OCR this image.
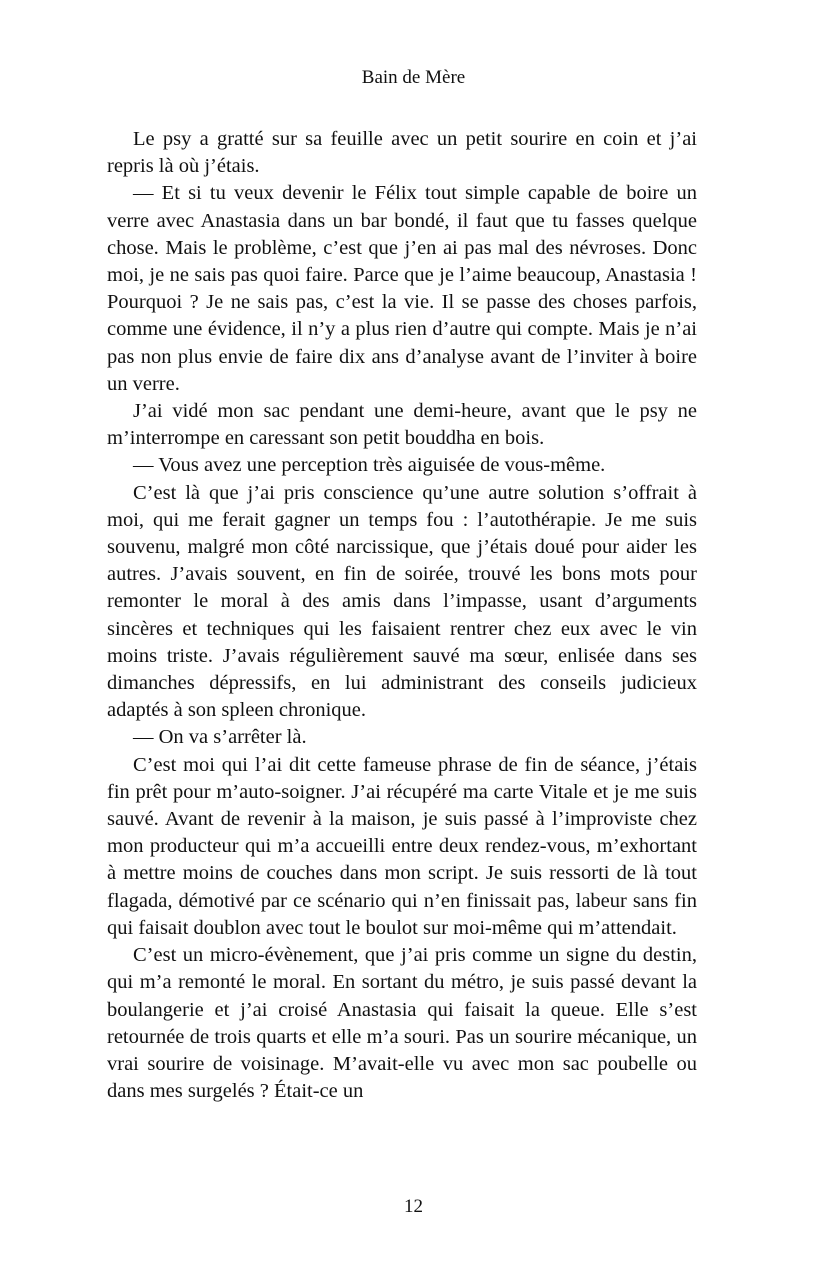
Bain de Mère

Le psy a gratté sur sa feuille avec un petit sourire en coin et j’ai repris là où j’étais.

— Et si tu veux devenir le Félix tout simple capable de boire un verre avec Anastasia dans un bar bondé, il faut que tu fasses quelque chose. Mais le problème, c’est que j’en ai pas mal des névroses. Donc moi, je ne sais pas quoi faire. Parce que je l’aime beaucoup, Anastasia ! Pourquoi ? Je ne sais pas, c’est la vie. Il se passe des choses parfois, comme une évidence, il n’y a plus rien d’autre qui compte. Mais je n’ai pas non plus envie de faire dix ans d’analyse avant de l’inviter à boire un verre.

J’ai vidé mon sac pendant une demi-heure, avant que le psy ne m’interrompe en caressant son petit bouddha en bois.

— Vous avez une perception très aiguisée de vous-même.

C’est là que j’ai pris conscience qu’une autre solution s’offrait à moi, qui me ferait gagner un temps fou : l’autothérapie. Je me suis souvenu, malgré mon côté narcissique, que j’étais doué pour aider les autres. J’avais souvent, en fin de soirée, trouvé les bons mots pour remonter le moral à des amis dans l’impasse, usant d’arguments sincères et techniques qui les faisaient rentrer chez eux avec le vin moins triste. J’avais régulièrement sauvé ma sœur, enlisée dans ses dimanches dépressifs, en lui administrant des conseils judicieux adaptés à son spleen chronique.

— On va s’arrêter là.

C’est moi qui l’ai dit cette fameuse phrase de fin de séance, j’étais fin prêt pour m’auto-soigner. J’ai récupéré ma carte Vitale et je me suis sauvé. Avant de revenir à la maison, je suis passé à l’improviste chez mon producteur qui m’a accueilli entre deux rendez-vous, m’exhortant à mettre moins de couches dans mon script. Je suis ressorti de là tout flagada, démotivé par ce scénario qui n’en finissait pas, labeur sans fin qui faisait doublon avec tout le boulot sur moi-même qui m’attendait.

C’est un micro-évènement, que j’ai pris comme un signe du destin, qui m’a remonté le moral. En sortant du métro, je suis passé devant la boulangerie et j’ai croisé Anastasia qui faisait la queue. Elle s’est retournée de trois quarts et elle m’a souri. Pas un sourire mécanique, un vrai sourire de voisinage. M’avait-elle vu avec mon sac poubelle ou dans mes surgelés ? Était-ce un

12
